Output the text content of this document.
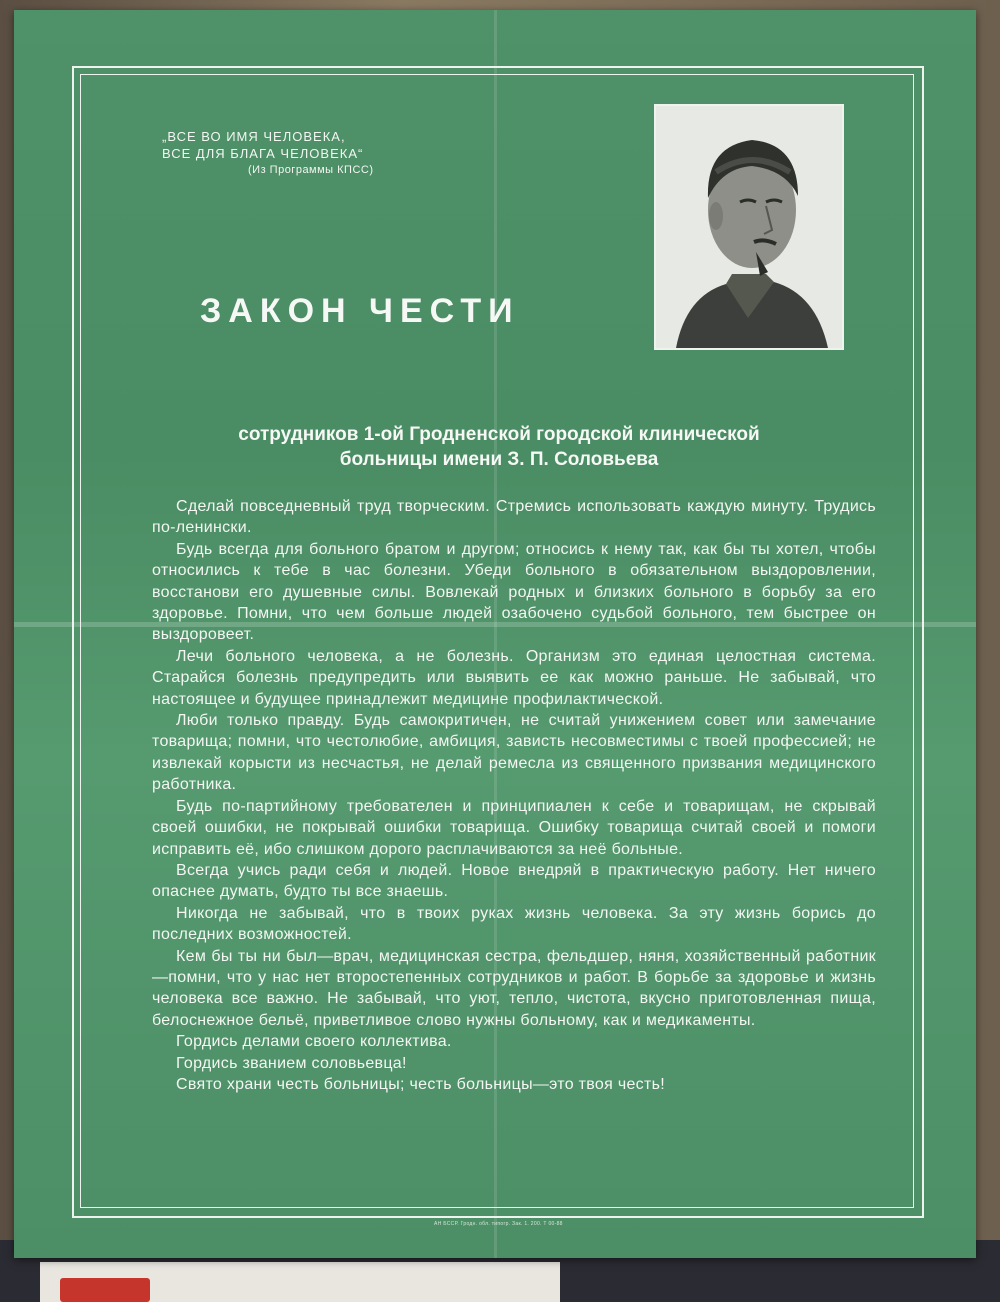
„ВСЕ ВО ИМЯ ЧЕЛОВЕКА,
ВСЕ ДЛЯ БЛАГА ЧЕЛОВЕКА“
(Из Программы КПСС)
ЗАКОН ЧЕСТИ
сотрудников 1-ой Гродненской городской клинической
больницы имени З. П. Соловьева

Сделай повседневный труд творческим. Стремись использовать каждую минуту. Трудись по-ленински.

Будь всегда для больного братом и другом; относись к нему так, как бы ты хотел, чтобы относились к тебе в час болезни. Убеди больного в обязательном выздоровлении, восстанови его душевные силы. Вовлекай родных и близких больного в борьбу за его здоровье. Помни, что чем больше людей озабочено судьбой больного, тем быстрее он выздоровеет.

Лечи больного человека, а не болезнь. Организм это единая целостная система. Старайся болезнь предупредить или выявить ее как можно раньше. Не забывай, что настоящее и будущее принадлежит медицине профилактической.

Люби только правду. Будь самокритичен, не считай унижением совет или замечание товарища; помни, что честолюбие, амбиция, зависть несовместимы с твоей профессией; не извлекай корысти из несчастья, не делай ремесла из священного призвания медицинского работника.

Будь по-партийному требователен и принципиален к себе и товарищам, не скрывай своей ошибки, не покрывай ошибки товарища. Ошибку товарища считай своей и помоги исправить её, ибо слишком дорого расплачиваются за неё больные.

Всегда учись ради себя и людей. Новое внедряй в практическую работу. Нет ничего опаснее думать, будто ты все знаешь.

Никогда не забывай, что в твоих руках жизнь человека. За эту жизнь борись до последних возможностей.

Кем бы ты ни был—врач, медицинская сестра, фельдшер, няня, хозяйственный работник—помни, что у нас нет второстепенных сотрудников и работ. В борьбе за здоровье и жизнь человека все важно. Не забывай, что уют, тепло, чистота, вкусно приготовленная пища, белоснежное бельё, приветливое слово нужны больному, как и медикаменты.

Гордись делами своего коллектива.

Гордись званием соловьевца!

Свято храни честь больницы; честь больницы—это твоя честь!

АН БССР. Гродн. обл. типогр. Зак. 1. 200. Т 00-88
